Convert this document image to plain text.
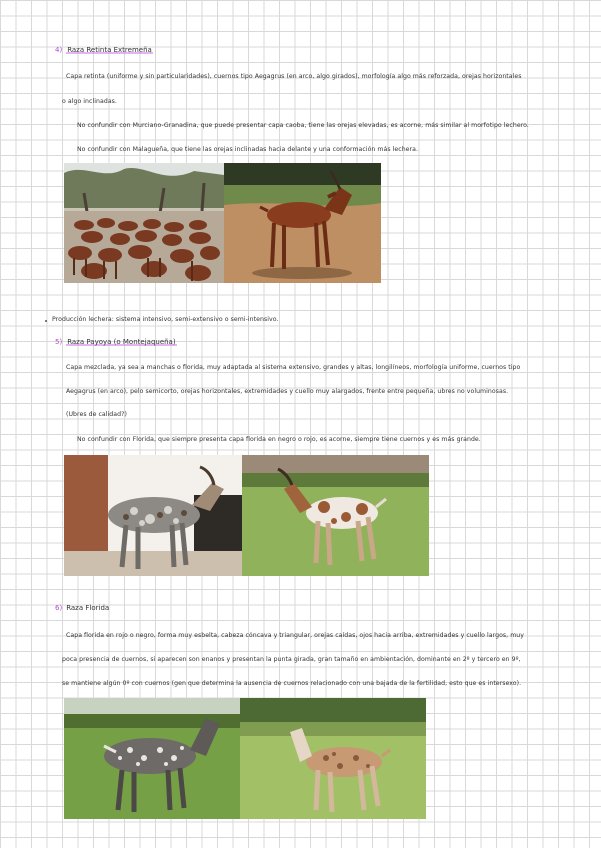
4) Raza Retinta Extremeña
Capa retinta (uniforme y sin particularidades), cuernos tipo Aegagrus (en arco, algo girados), morfología algo más reforzada, orejas horizontales
o algo inclinadas.
No confundir con Murciano-Granadina, que puede presentar capa caoba, tiene las orejas elevadas, es acorne, más similar al morfotipo lechero.
No confundir con Malagueña, que tiene las orejas inclinadas hacia delante y una conformación más lechera.
Producción lechera: sistema intensivo, semi-extensivo o semi-intensivo.
5) Raza Payoya (o Montejaqueña)
Capa mezclada, ya sea a manchas o florida, muy adaptada al sistema extensivo, grandes y altas, longilíneos, morfología uniforme, cuernos tipo
Aegagrus (en arco), pelo semicorto, orejas horizontales, extremidades y cuello muy alargados, frente entre pequeña, ubres no voluminosas.
(Ubres de calidad?)
No confundir con Florida, que siempre presenta capa florida en negro o rojo, es acorne, siempre tiene cuernos y es más grande.
6) Raza Florida
Capa florida en rojo o negro, forma muy esbelta, cabeza cóncava y triangular, orejas caídas, ojos hacia arriba, extremidades y cuello largos, muy
poca presencia de cuernos, si aparecen son enanos y presentan la punta girada, gran tamaño en ambientación, dominante en 2º y tercero en 9º,
se mantiene algún 0º con cuernos (gen que determina la ausencia de cuernos relacionado con una bajada de la fertilidad, esto que es intersexo).
